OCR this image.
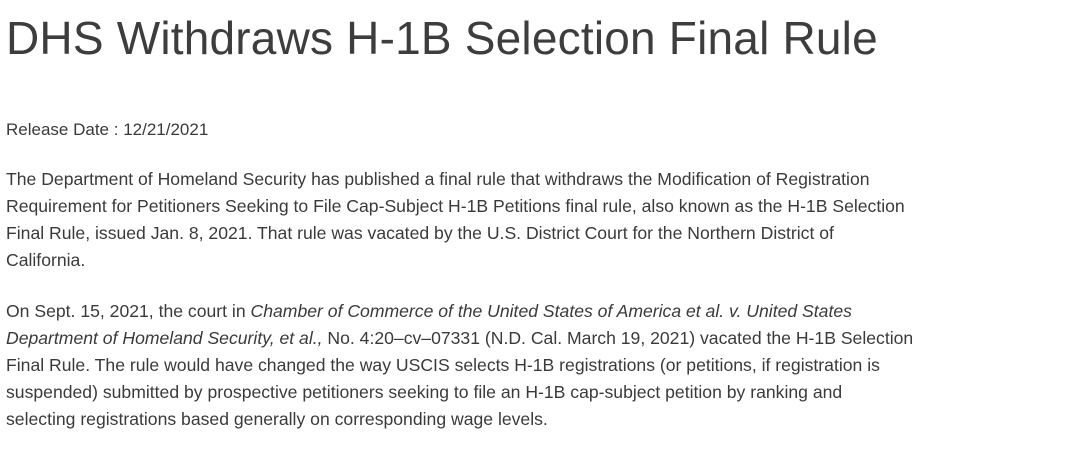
DHS Withdraws H-1B Selection Final Rule
Release Date : 12/21/2021

The Department of Homeland Security has published a final rule that withdraws the Modification of Registration
Requirement for Petitioners Seeking to File Cap-Subject H-1B Petitions final rule, also known as the H-1B Selection
Final Rule, issued Jan. 8, 2021. That rule was vacated by the U.S. District Court for the Northern District of
California.

On Sept. 15, 2021, the court in Chamber of Commerce of the United States of America et al. v. United States
Department of Homeland Security, et al., No. 4:20–cv–07331 (N.D. Cal. March 19, 2021) vacated the H-1B Selection
Final Rule. The rule would have changed the way USCIS selects H-1B registrations (or petitions, if registration is
suspended) submitted by prospective petitioners seeking to file an H-1B cap-subject petition by ranking and
selecting registrations based generally on corresponding wage levels.
